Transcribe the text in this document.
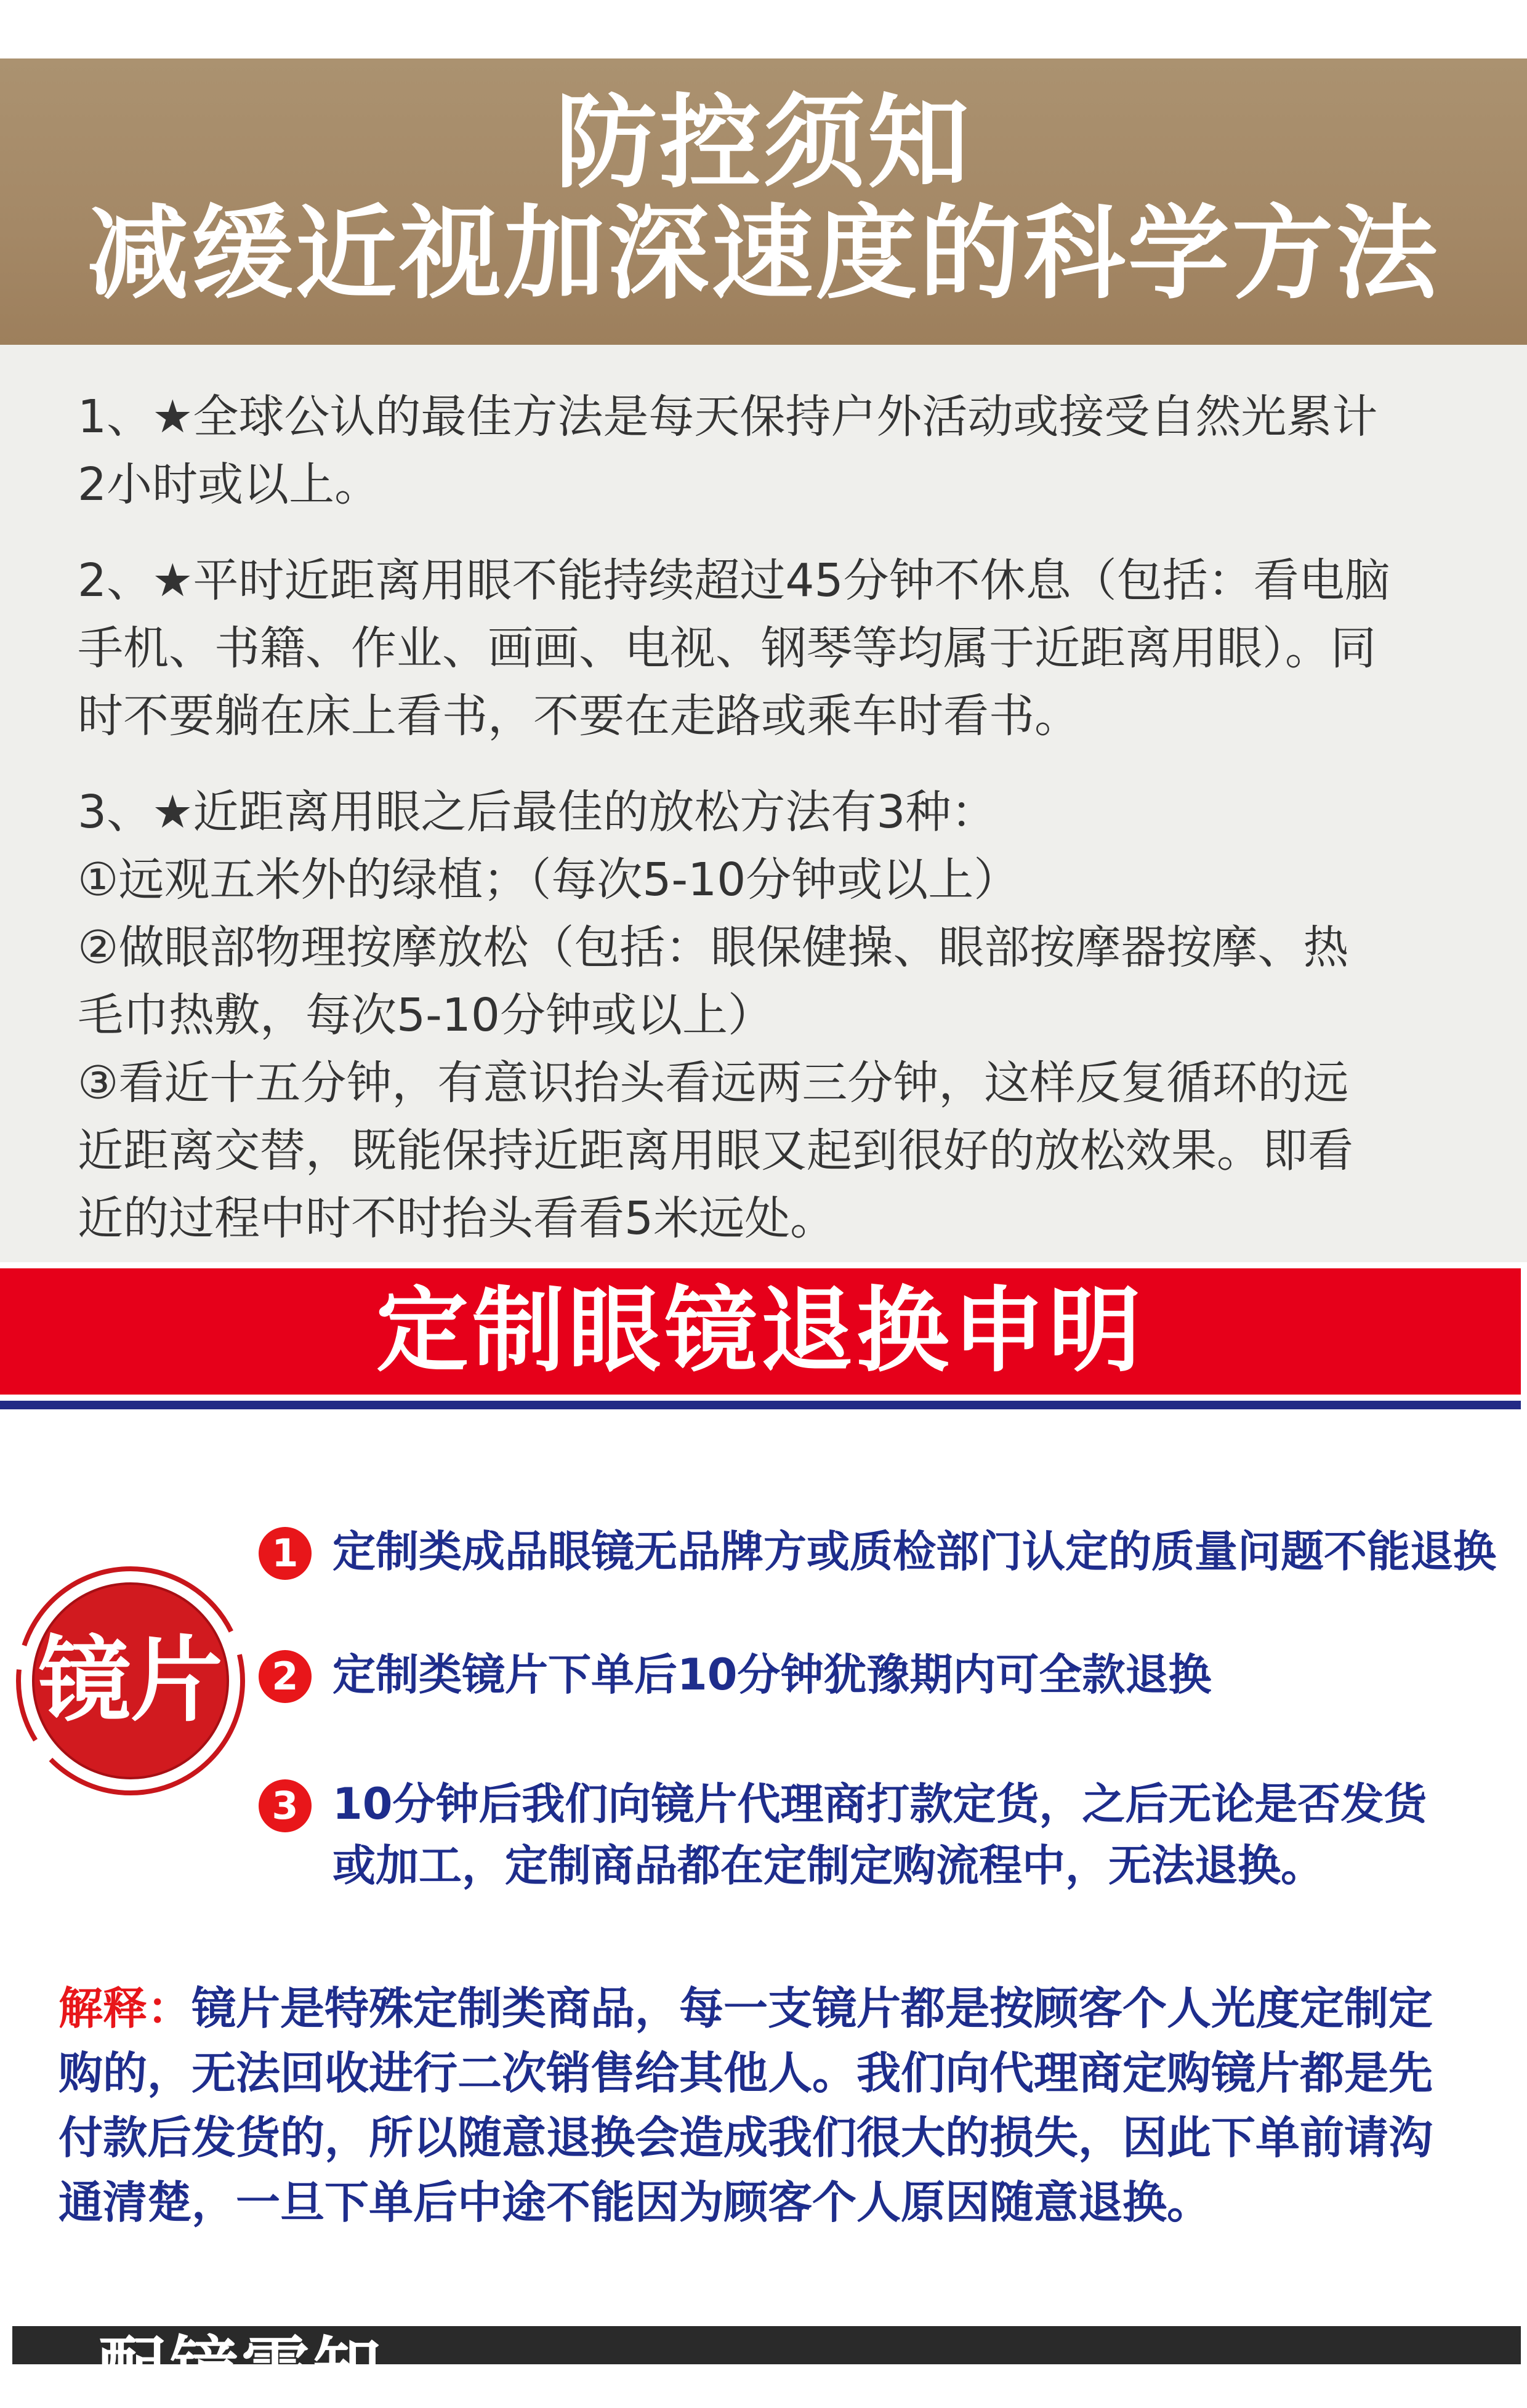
防控须知
减缓近视加深速度的科学方法

1、★全球公认的最佳方法是每天保持户外活动或接受自然光累计

2小时或以上。

2、★平时近距离用眼不能持续超过45分钟不休息（包括：看电脑

手机、书籍、作业、画画、电视、钢琴等均属于近距离用眼）。同

时不要躺在床上看书，不要在走路或乘车时看书。

3、★近距离用眼之后最佳的放松方法有3种：

①远观五米外的绿植；（每次5-10分钟或以上）

②做眼部物理按摩放松（包括：眼保健操、眼部按摩器按摩、热

毛巾热敷，每次5-10分钟或以上）

③看近十五分钟，有意识抬头看远两三分钟，这样反复循环的远

近距离交替，既能保持近距离用眼又起到很好的放松效果。即看

近的过程中时不时抬头看看5米远处。

定制眼镜退换申明
镜片
1 定制类成品眼镜无品牌方或质检部门认定的质量问题不能退换
2 定制类镜片下单后10分钟犹豫期内可全款退换
3 10分钟后我们向镜片代理商打款定货，之后无论是否发货
或加工，定制商品都在定制定购流程中，无法退换。
解释：镜片是特殊定制类商品，每一支镜片都是按顾客个人光度定制定
购的，无法回收进行二次销售给其他人。我们向代理商定购镜片都是先
付款后发货的，所以随意退换会造成我们很大的损失，因此下单前请沟
通清楚，一旦下单后中途不能因为顾客个人原因随意退换。
配镜需知
